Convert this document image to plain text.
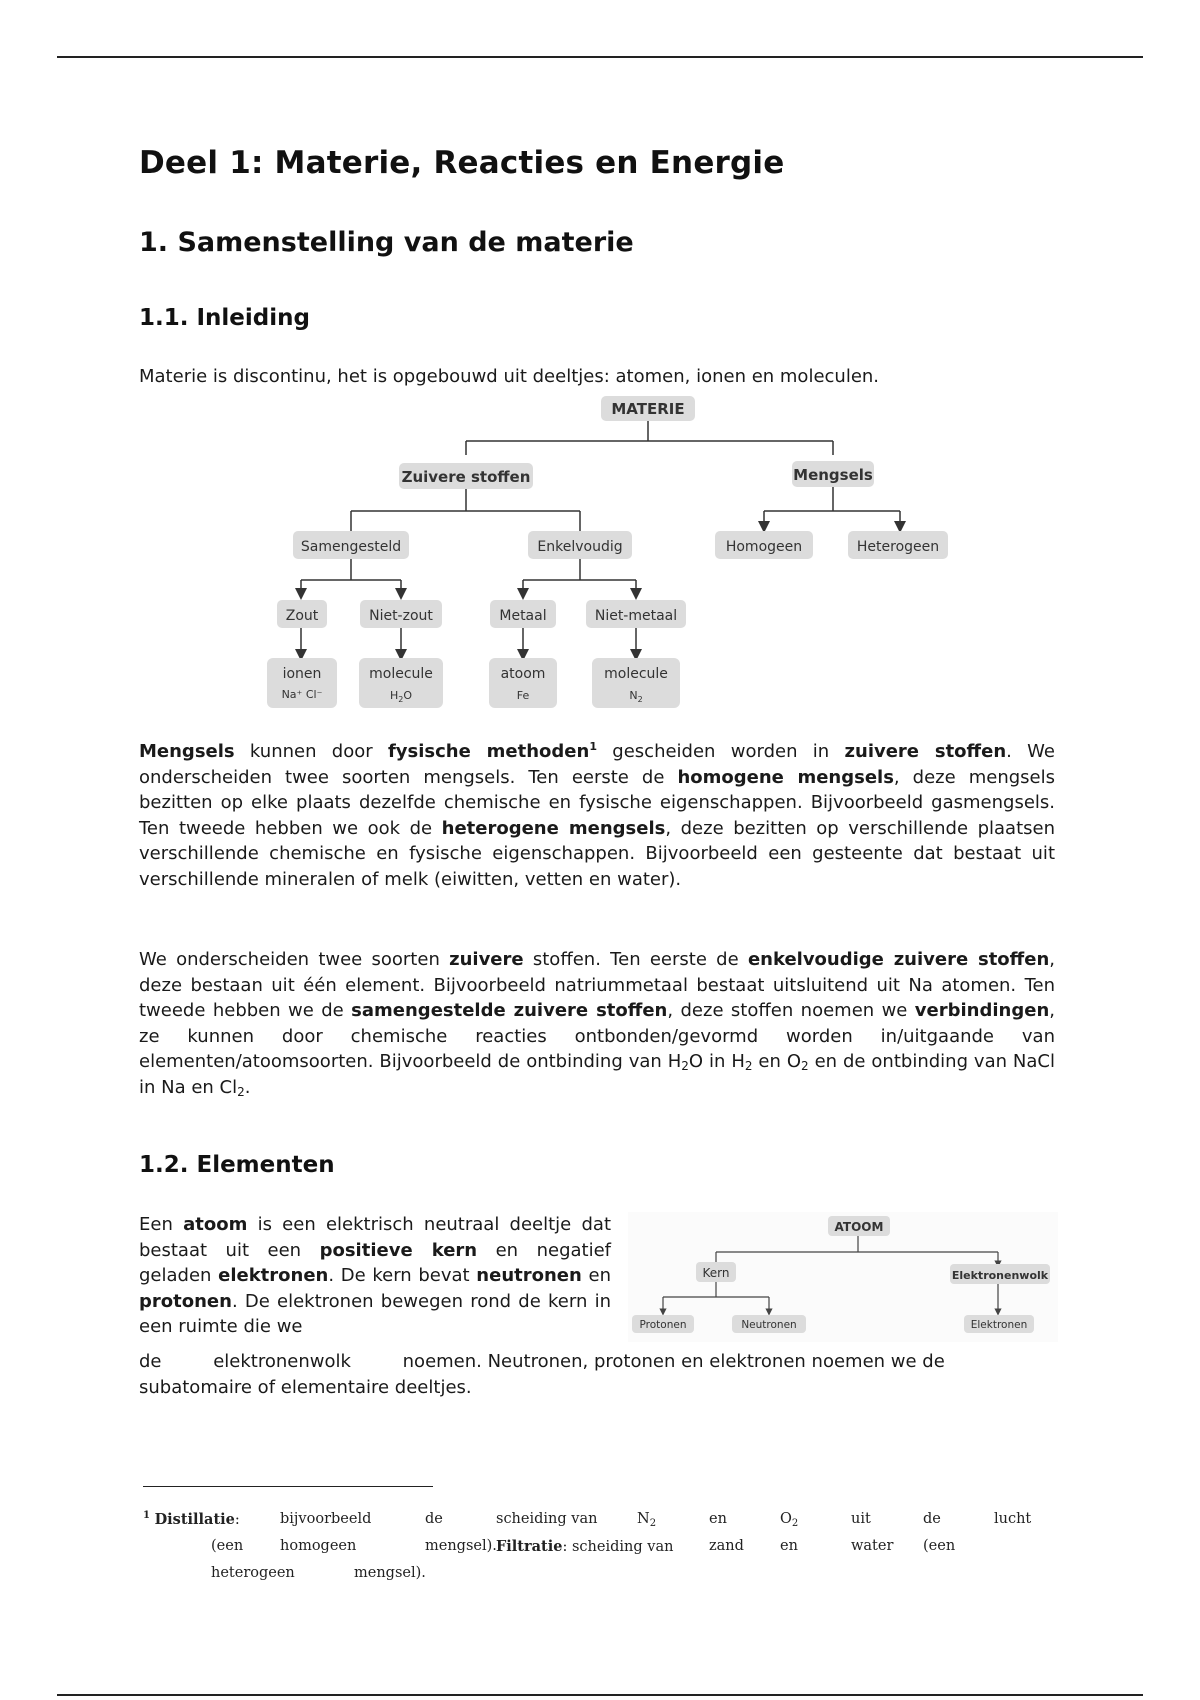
Deel 1: Materie, Reacties en Energie
1. Samenstelling van de materie
1.1. Inleiding
Materie is discontinu, het is opgebouwd uit deeltjes: atomen, ionen en moleculen.
MATERIE
Zuivere stoffen	Mengsels
Samengesteld	Enkelvoudig	Homogeen	Heterogeen
Zout	Niet-zout	Metaal	Niet-metaal
ionen
Na⁺ Cl⁻
molecule
$H_2O$
atoom
Fe
molecule
$N_2$
Mengsels kunnen door fysische methoden$^1$ gescheiden worden in zuivere stoffen. We onderscheiden twee soorten mengsels. Ten eerste de homogene mengsels, deze mengsels bezitten op elke plaats dezelfde chemische en fysische eigenschappen. Bijvoorbeeld gasmengsels. Ten tweede hebben we ook de heterogene mengsels, deze bezitten op verschillende plaatsen verschillende chemische en fysische eigenschappen. Bijvoorbeeld een gesteente dat bestaat uit verschillende mineralen of melk (eiwitten, vetten en water).
We onderscheiden twee soorten zuivere stoffen. Ten eerste de enkelvoudige zuivere stoffen, deze bestaan uit één element. Bijvoorbeeld natriummetaal bestaat uitsluitend uit Na atomen. Ten tweede hebben we de samengestelde zuivere stoffen, deze stoffen noemen we verbindingen, ze kunnen door chemische reacties ontbonden/gevormd worden in/uitgaande van elementen/atoomsoorten. Bijvoorbeeld de ontbinding van $H_2O$ in $H_2$ en $O_2$ en de ontbinding van NaCl in Na en $Cl_2$.
1.2. Elementen
Een atoom is een elektrisch neutraal deeltje dat bestaat uit een positieve kern en negatief geladen elektronen. De kern bevat neutronen en protonen. De elektronen bewegen rond de kern in een ruimte die we
de elektronenwolk noemen. Neutronen, protonen en elektronen noemen we de subatomaire of elementaire deeltjes.
ATOOM
Kern	Elektronenwolk
Protonen	Neutronen	Elektronen
$^1$ Distillatie:	bijvoorbeeld	de	scheiding van	$N_2$	en	$O_2$	uit	de	lucht
(een	homogeen	mengsel). Filtratie: scheiding van zand en	water (een
heterogeen	mengsel).
